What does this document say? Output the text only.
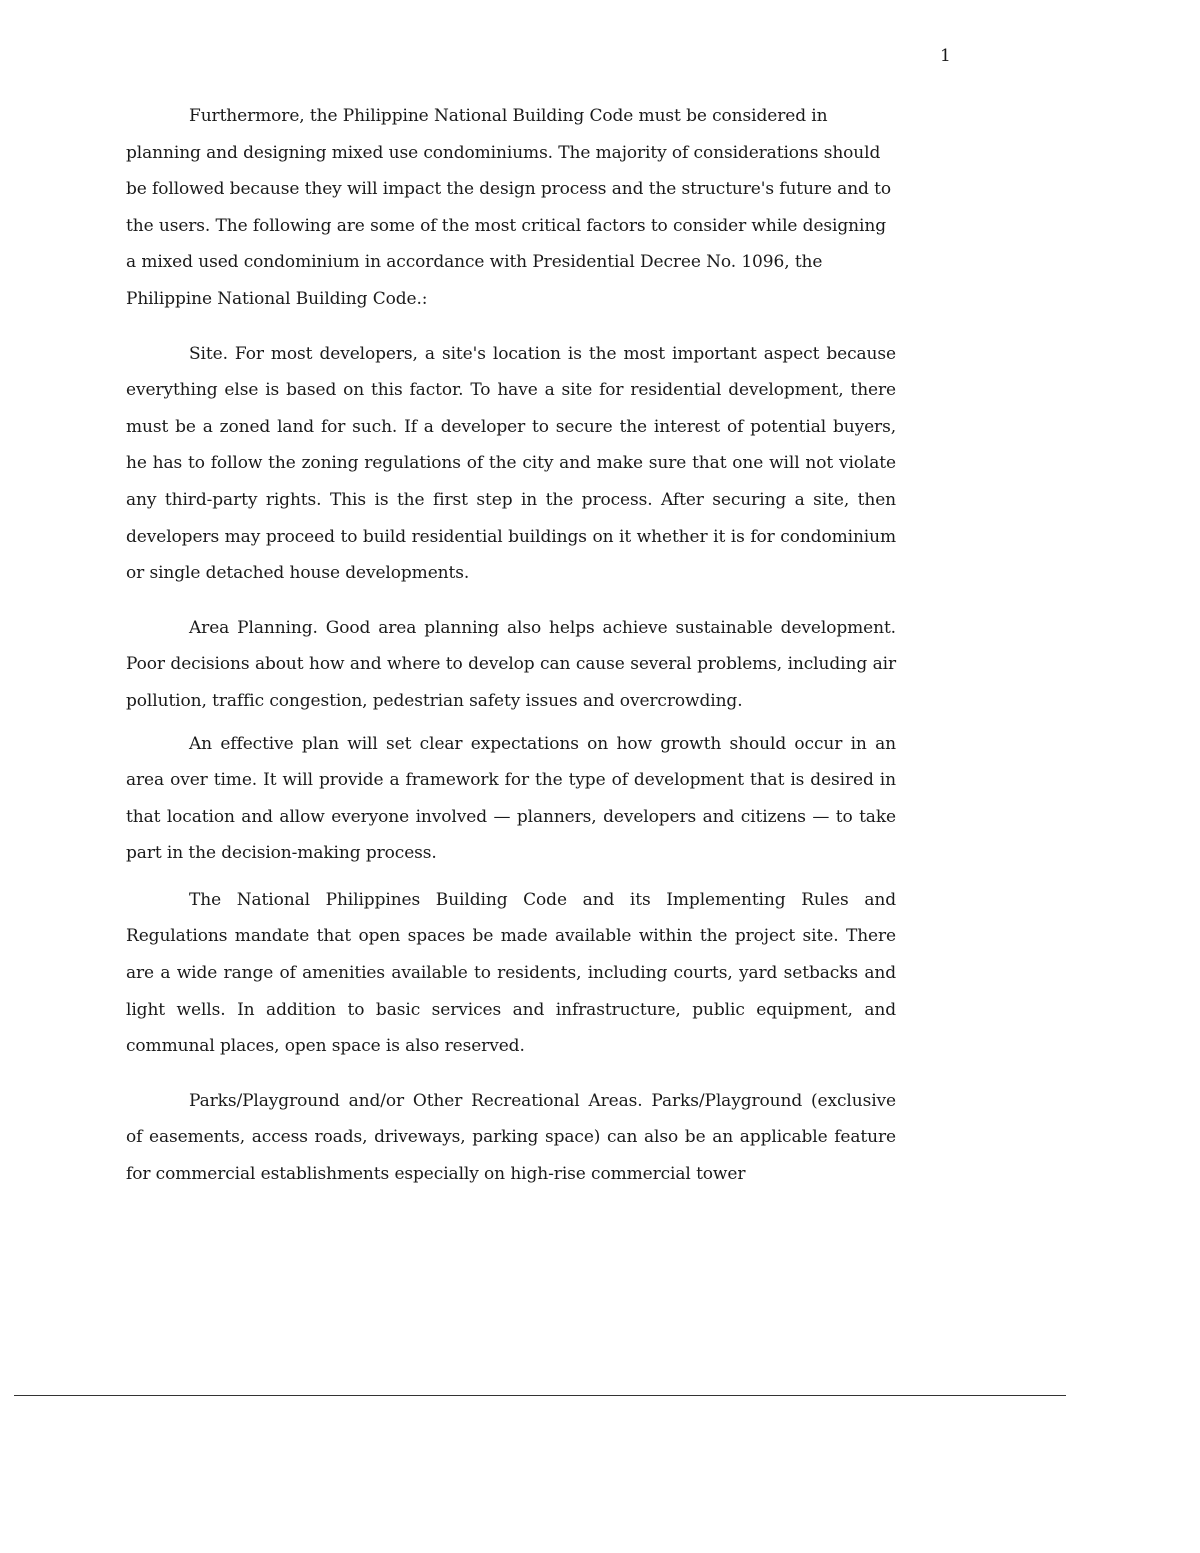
1

Furthermore, the Philippine National Building Code must be considered in planning and designing mixed use condominiums. The majority of considerations should be followed because they will impact the design process and the structure's future and to the users. The following are some of the most critical factors to consider while designing a mixed used condominium in accordance with Presidential Decree No. 1096, the Philippine National Building Code.:

Site. For most developers, a site's location is the most important aspect because everything else is based on this factor. To have a site for residential development, there must be a zoned land for such. If a developer to secure the interest of potential buyers, he has to follow the zoning regulations of the city and make sure that one will not violate any third-party rights. This is the first step in the process. After securing a site, then developers may proceed to build residential buildings on it whether it is for condominium or single detached house developments.

Area Planning. Good area planning also helps achieve sustainable development. Poor decisions about how and where to develop can cause several problems, including air pollution, traffic congestion, pedestrian safety issues and overcrowding.

An effective plan will set clear expectations on how growth should occur in an area over time. It will provide a framework for the type of development that is desired in that location and allow everyone involved — planners, developers and citizens — to take part in the decision-making process.

The National Philippines Building Code and its Implementing Rules and Regulations mandate that open spaces be made available within the project site. There are a wide range of amenities available to residents, including courts, yard setbacks and light wells. In addition to basic services and infrastructure, public equipment, and communal places, open space is also reserved.

Parks/Playground and/or Other Recreational Areas. Parks/Playground (exclusive of easements, access roads, driveways, parking space) can also be an applicable feature for commercial establishments especially on high-rise commercial tower
